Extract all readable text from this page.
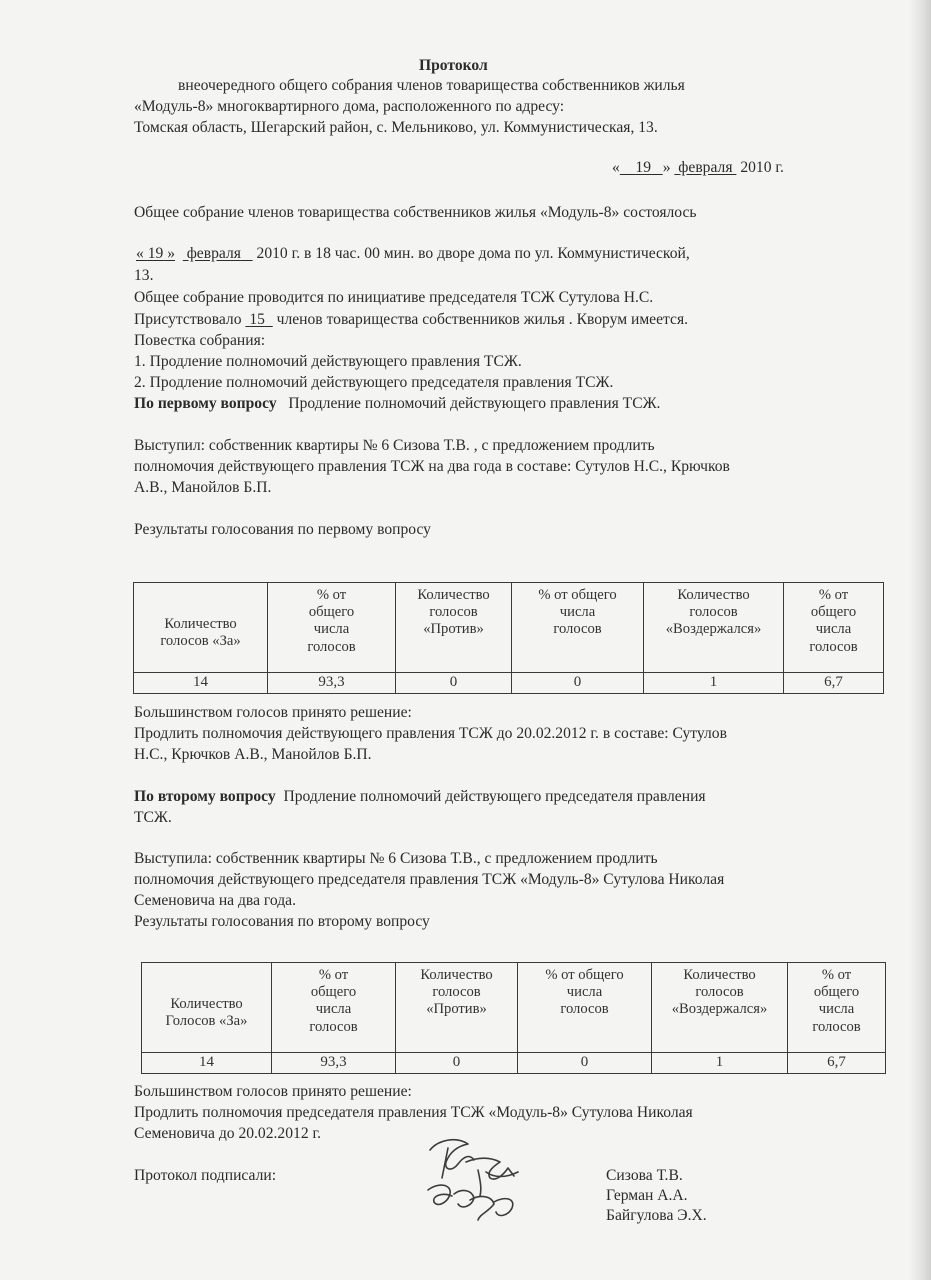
Протокол
внеочередного общего собрания членов товарищества собственников жилья
«Модуль-8» многоквартирного дома, расположенного по адресу:
Томская область, Шегарский район, с. Мельниково, ул. Коммунистическая, 13.
« 19 » февраля 2010 г.
Общее собрание членов товарищества собственников жилья «Модуль-8» состоялось
« 19 » февраля 2010 г. в 18 час. 00 мин. во дворе дома по ул. Коммунистической,
13.
Общее собрание проводится по инициативе председателя ТСЖ Сутулова Н.С.
Присутствовало 15 членов товарищества собственников жилья . Кворум имеется.
Повестка собрания:
1. Продление полномочий действующего правления ТСЖ.
2. Продление полномочий действующего председателя правления ТСЖ.
По первому вопросу Продление полномочий действующего правления ТСЖ.
Выступил: собственник квартиры № 6 Сизова Т.В. , с предложением продлить
полномочия действующего правления ТСЖ на два года в составе: Сутулов Н.С., Крючков
А.В., Манойлов Б.П.
Результаты голосования по первому вопросу
Количество
голосов «За»	% от
общего
числа
голосов	Количество
голосов
«Против»	% от общего
числа
голосов	Количество
голосов
«Воздержался»	% от
общего
числа
голосов
14	93,3	0	0	1	6,7
Большинством голосов принято решение:
Продлить полномочия действующего правления ТСЖ до 20.02.2012 г. в составе: Сутулов
Н.С., Крючков А.В., Манойлов Б.П.
По второму вопросу Продление полномочий действующего председателя правления
ТСЖ.
Выступила: собственник квартиры № 6 Сизова Т.В., с предложением продлить
полномочия действующего председателя правления ТСЖ «Модуль-8» Сутулова Николая
Семеновича на два года.
Результаты голосования по второму вопросу
Количество
Голосов «За»	% от
общего
числа
голосов	Количество
голосов
«Против»	% от общего
числа
голосов	Количество
голосов
«Воздержался»	% от
общего
числа
голосов
14	93,3	0	0	1	6,7
Большинством голосов принято решение:
Продлить полномочия председателя правления ТСЖ «Модуль-8» Сутулова Николая
Семеновича до 20.02.2012 г.
Протокол подписали:	Сизова Т.В.
Герман А.А.
Байгулова Э.Х.
